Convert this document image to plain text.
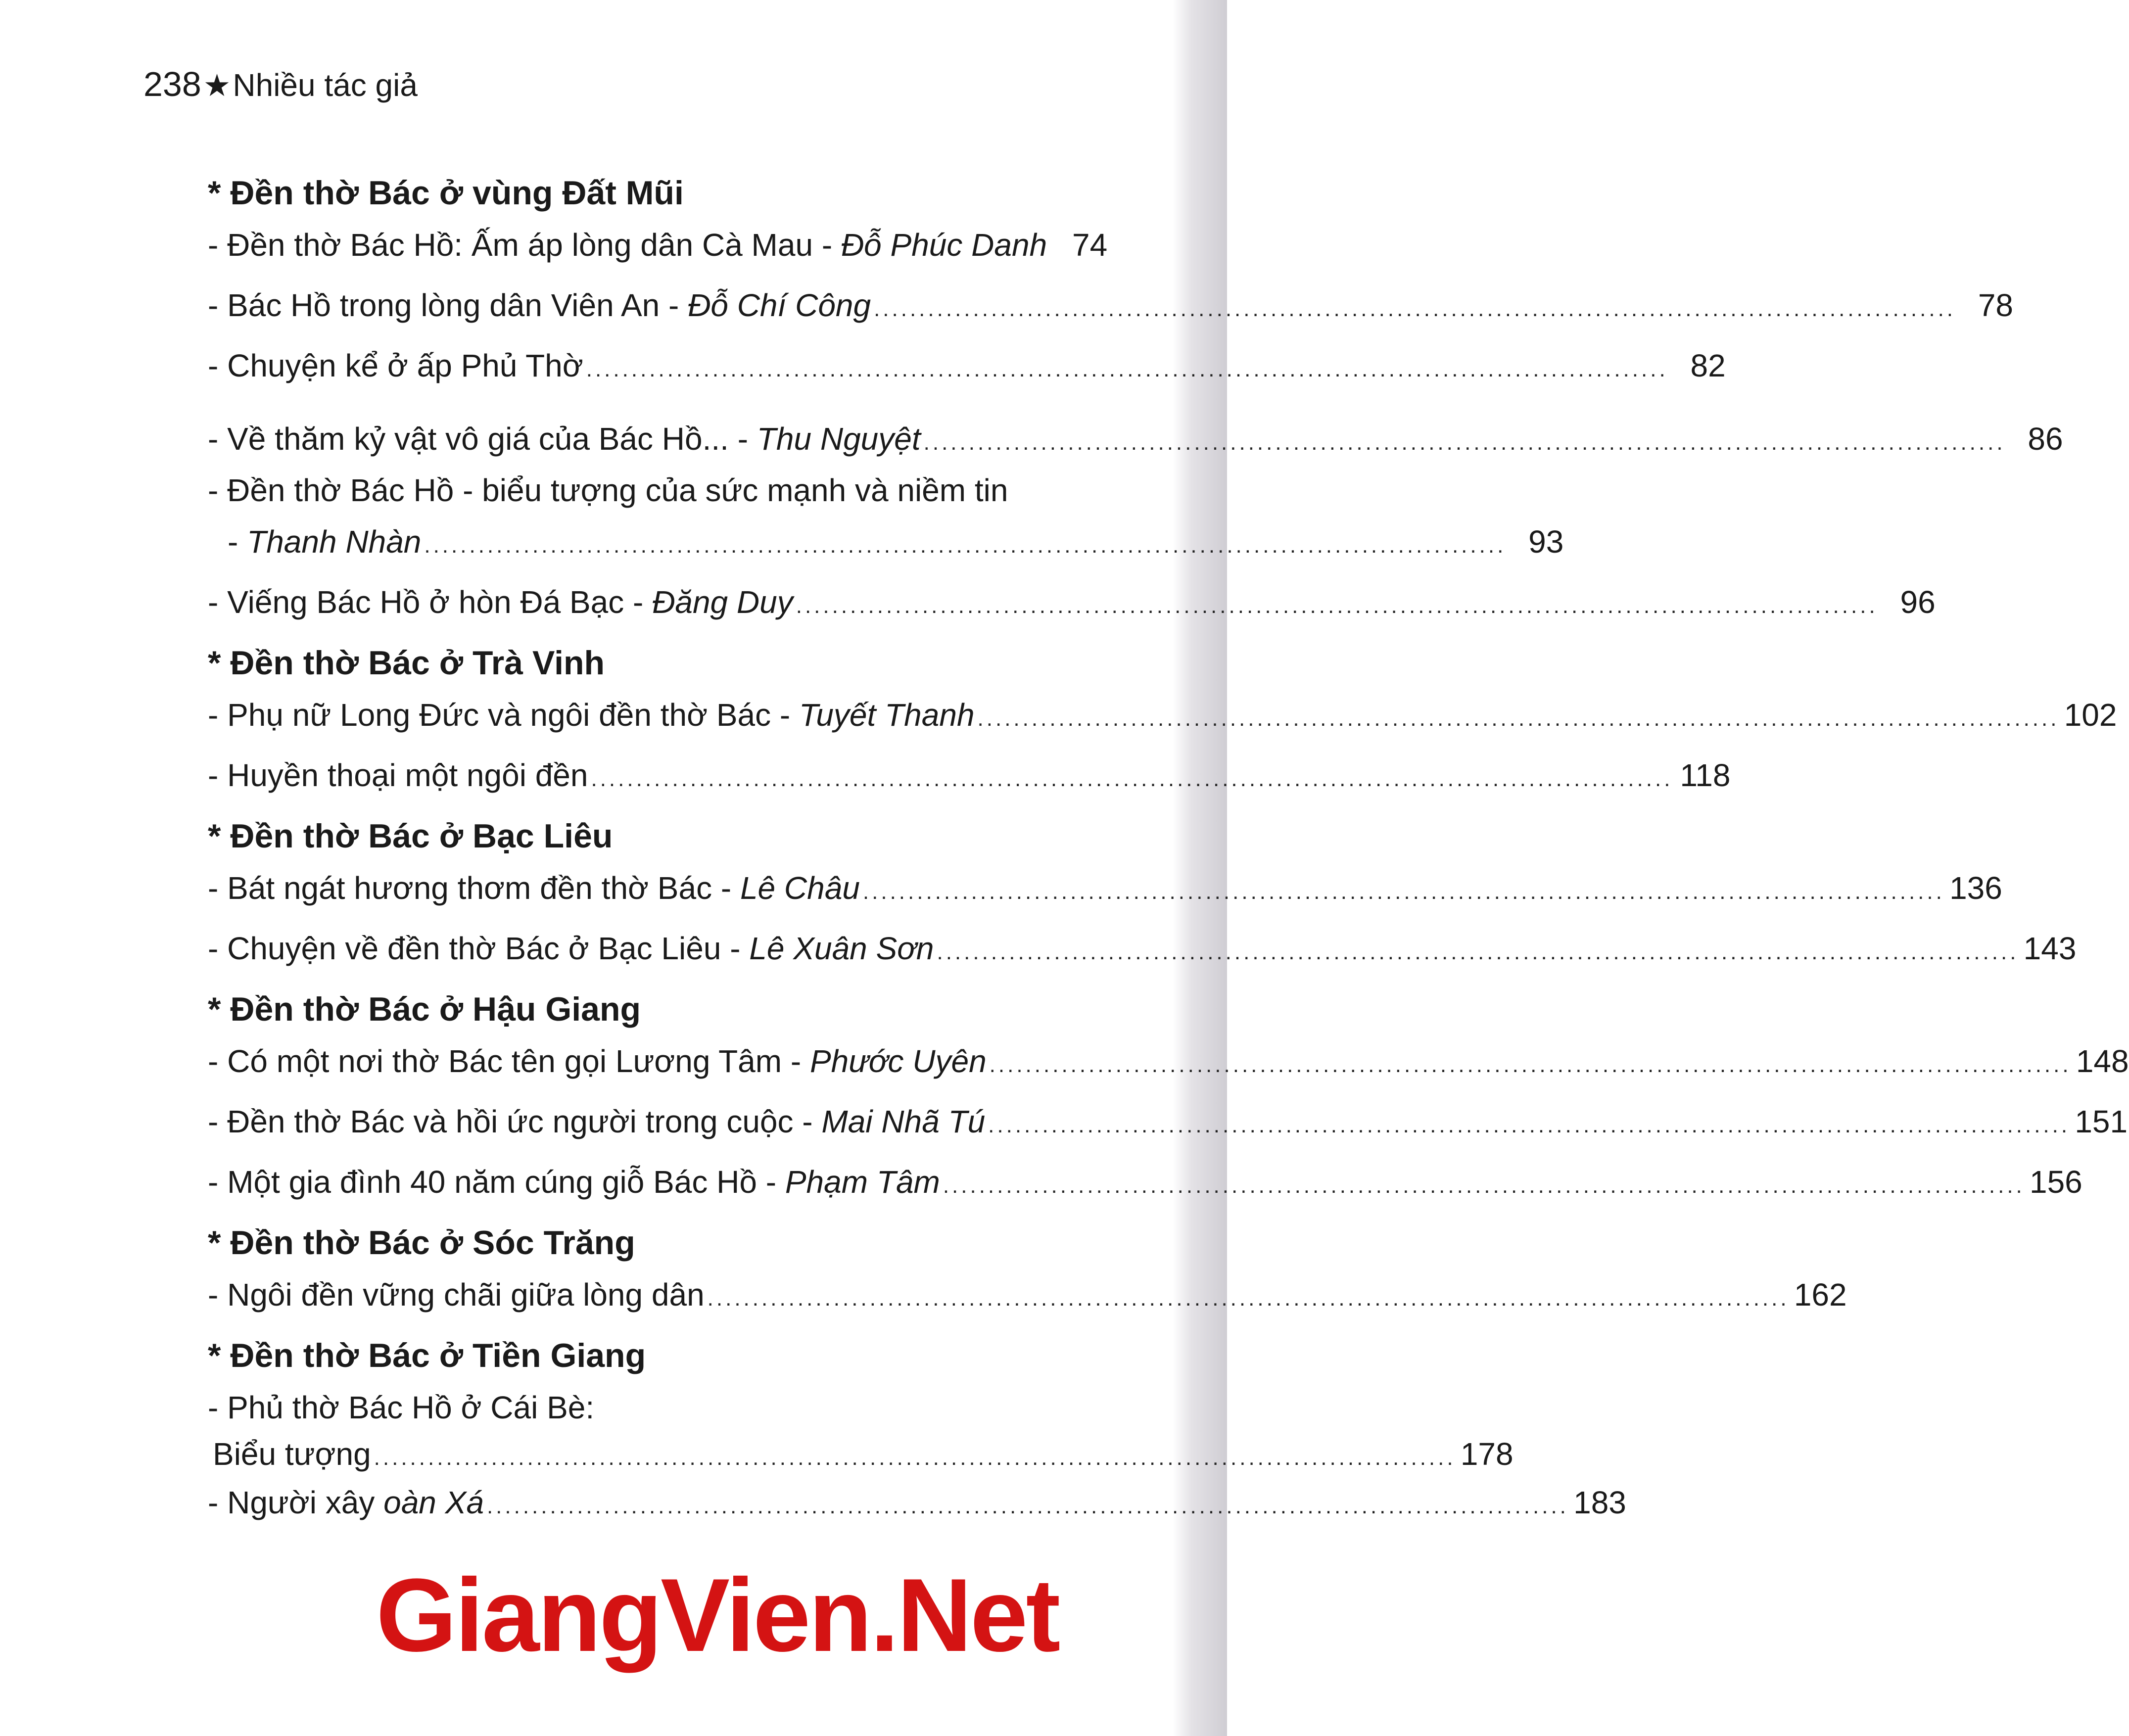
238★Nhiều tác giả
* Đền thờ Bác ở vùng Đất Mũi
- Đền thờ Bác Hồ: Ấm áp lòng dân Cà Mau - Đỗ Phúc Danh 74
- Bác Hồ trong lòng dân Viên An - Đỗ Chí Công ........................................................................................................................ 78
- Chuyện kể ở ấp Phủ Thờ ........................................................................................................................ 82
- Về thăm kỷ vật vô giá của Bác Hồ... - Thu Nguyệt ........................................................................................................................ 86
- Đền thờ Bác Hồ - biểu tượng của sức mạnh và niềm tin
- Thanh Nhàn ........................................................................................................................ 93
- Viếng Bác Hồ ở hòn Đá Bạc - Đăng Duy ........................................................................................................................ 96
* Đền thờ Bác ở Trà Vinh
- Phụ nữ Long Đức và ngôi đền thờ Bác - Tuyết Thanh ........................................................................................................................ 102
- Huyền thoại một ngôi đền ........................................................................................................................ 118
* Đền thờ Bác ở Bạc Liêu
- Bát ngát hương thơm đền thờ Bác - Lê Châu ........................................................................................................................ 136
- Chuyện về đền thờ Bác ở Bạc Liêu - Lê Xuân Sơn ........................................................................................................................ 143
* Đền thờ Bác ở Hậu Giang
- Có một nơi thờ Bác tên gọi Lương Tâm - Phước Uyên ........................................................................................................................ 148
- Đền thờ Bác và hồi ức người trong cuộc - Mai Nhã Tú ........................................................................................................................ 151
- Một gia đình 40 năm cúng giỗ Bác Hồ - Phạm Tâm ........................................................................................................................ 156
* Đền thờ Bác ở Sóc Trăng
- Ngôi đền vững chãi giữa lòng dân ........................................................................................................................ 162
* Đền thờ Bác ở Tiền Giang
- Phủ thờ Bác Hồ ở Cái Bè:
Biểu tượng ........................................................................................................................ 178
- Người xây oàn Xá ........................................................................................................................ 183
GiangVien.Net
